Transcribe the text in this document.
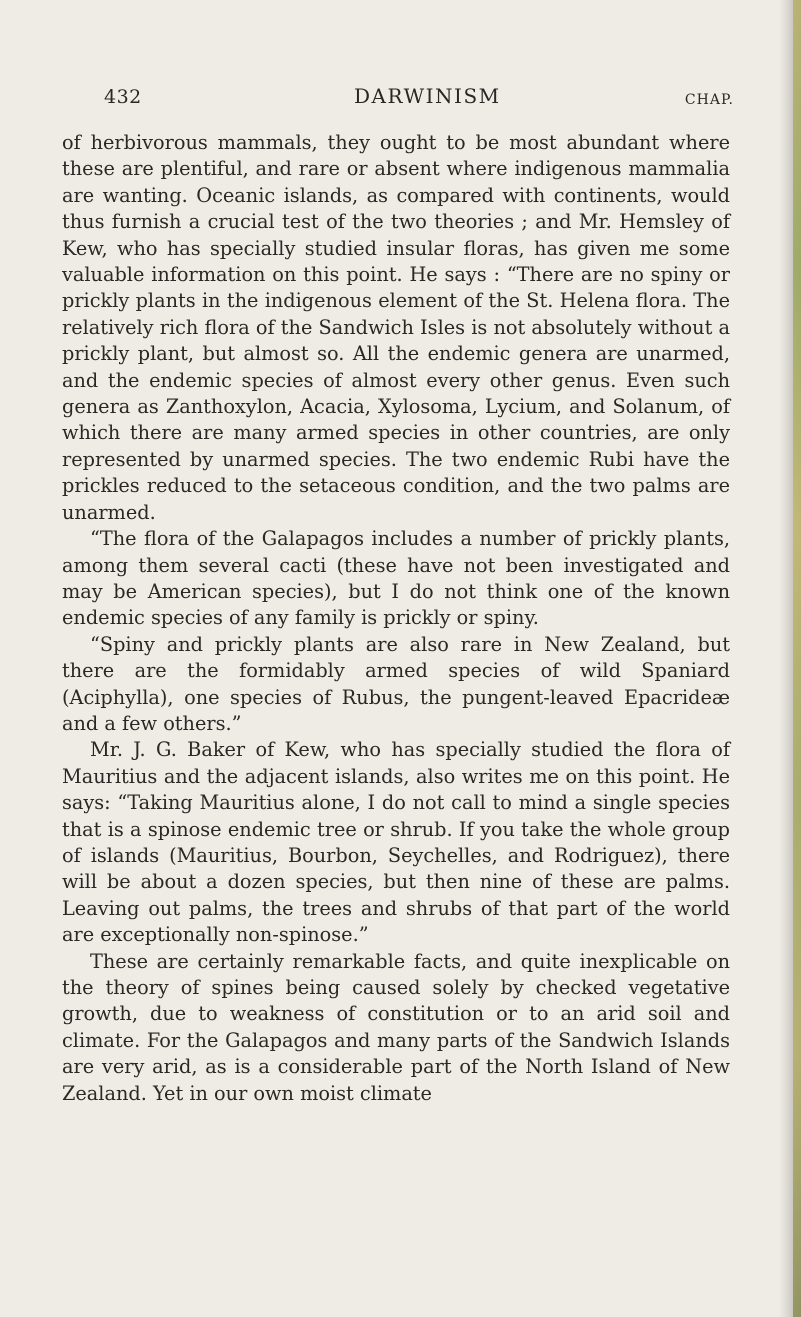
432	DARWINISM	CHAP.

of herbivorous mammals, they ought to be most abundant where these are plentiful, and rare or absent where indigenous mammalia are wanting. Oceanic islands, as compared with continents, would thus furnish a crucial test of the two theories ; and Mr. Hemsley of Kew, who has specially studied insular floras, has given me some valuable information on this point. He says : “There are no spiny or prickly plants in the indigenous element of the St. Helena flora. The relatively rich flora of the Sandwich Isles is not absolutely without a prickly plant, but almost so. All the endemic genera are unarmed, and the endemic species of almost every other genus. Even such genera as Zanthoxylon, Acacia, Xylosoma, Lycium, and Solanum, of which there are many armed species in other countries, are only represented by unarmed species. The two endemic Rubi have the prickles reduced to the setaceous condition, and the two palms are unarmed.

“The flora of the Galapagos includes a number of prickly plants, among them several cacti (these have not been investigated and may be American species), but I do not think one of the known endemic species of any family is prickly or spiny.

“Spiny and prickly plants are also rare in New Zealand, but there are the formidably armed species of wild Spaniard (Aciphylla), one species of Rubus, the pungent-leaved Epacrideæ and a few others.”

Mr. J. G. Baker of Kew, who has specially studied the flora of Mauritius and the adjacent islands, also writes me on this point. He says: “Taking Mauritius alone, I do not call to mind a single species that is a spinose endemic tree or shrub. If you take the whole group of islands (Mauritius, Bourbon, Seychelles, and Rodriguez), there will be about a dozen species, but then nine of these are palms. Leaving out palms, the trees and shrubs of that part of the world are exceptionally non-spinose.”

These are certainly remarkable facts, and quite inexplicable on the theory of spines being caused solely by checked vegetative growth, due to weakness of constitution or to an arid soil and climate. For the Galapagos and many parts of the Sandwich Islands are very arid, as is a considerable part of the North Island of New Zealand. Yet in our own moist climate
